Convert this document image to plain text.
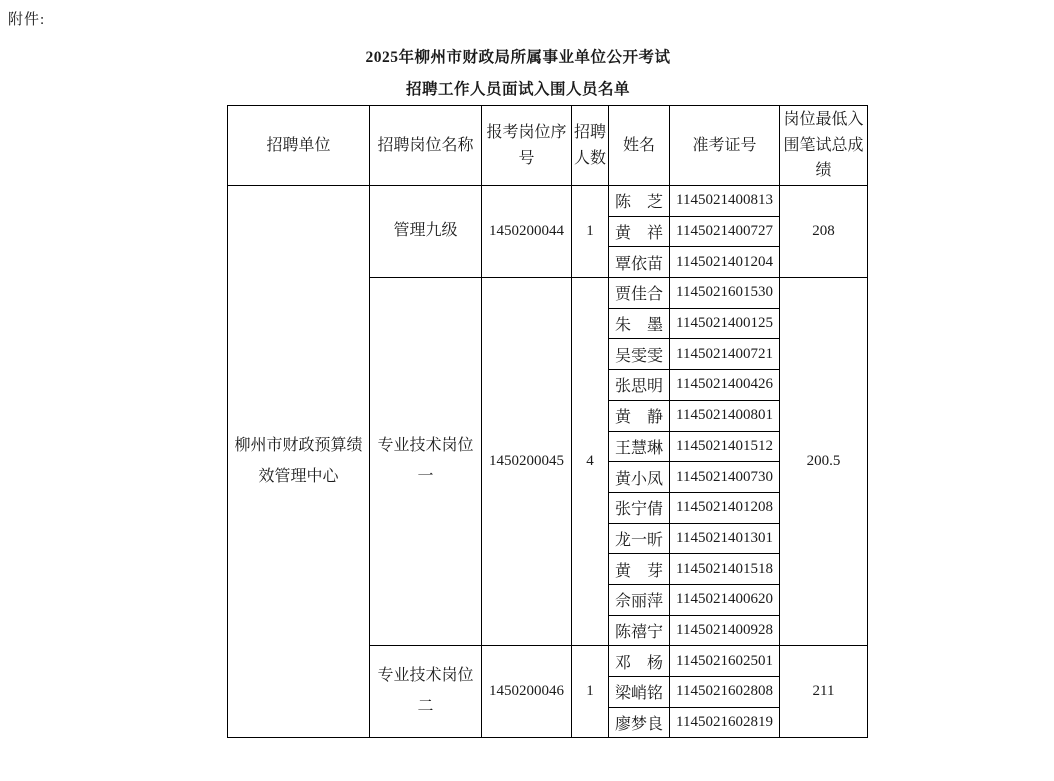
附件:
2025年柳州市财政局所属事业单位公开考试
招聘工作人员面试入围人员名单
招聘单位	招聘岗位名称	报考岗位序号	招聘人数	姓名	准考证号	岗位最低入围笔试总成绩
柳州市财政预算绩效管理中心	管理九级	1450200044	1	陈　芝	1145021400813	208
				黄　祥	1145021400727	
				覃依苗	1145021401204	
	专业技术岗位一	1450200045	4	贾佳合	1145021601530	200.5
				朱　墨	1145021400125	
				吴雯雯	1145021400721	
				张思明	1145021400426	
				黄　静	1145021400801	
				王慧琳	1145021401512	
				黄小凤	1145021400730	
				张宁倩	1145021401208	
				龙一昕	1145021401301	
				黄　芽	1145021401518	
				佘丽萍	1145021400620	
				陈禧宁	1145021400928	
	专业技术岗位二	1450200046	1	邓　杨	1145021602501	211
				梁峭铭	1145021602808	
				廖梦良	1145021602819	
